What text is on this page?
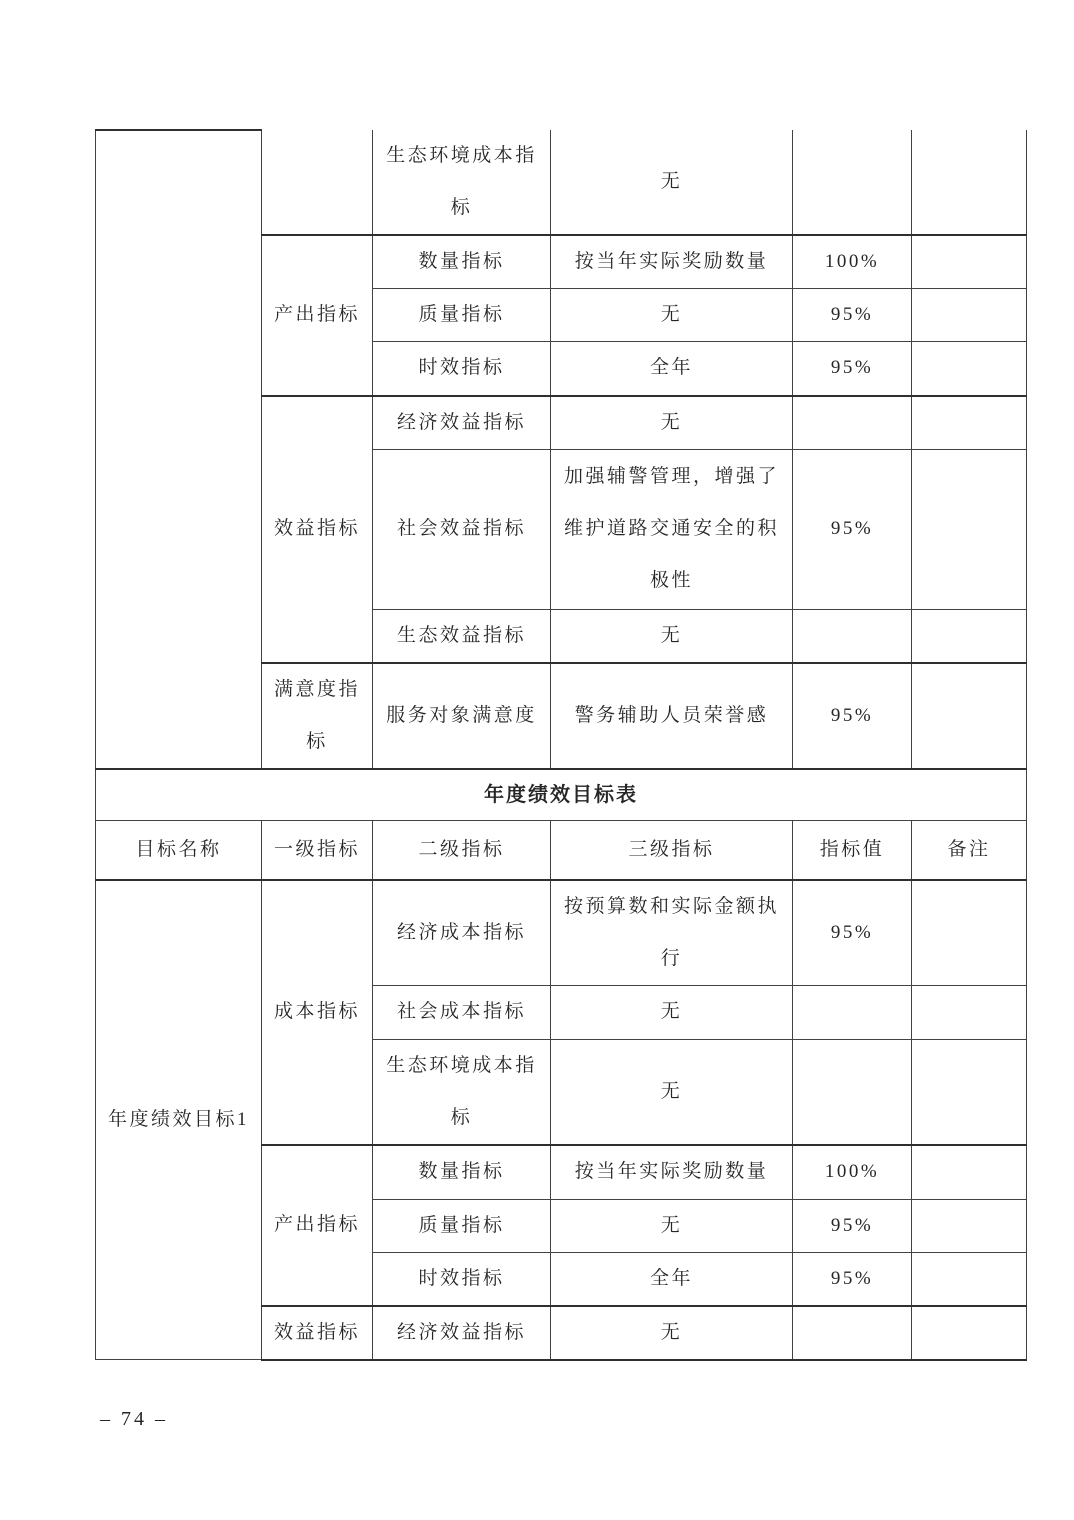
		生态环境成本指标	无		
	产出指标	数量指标	按当年实际奖励数量	100%	
		质量指标	无	95%	
		时效指标	全年	95%	
	效益指标	经济效益指标	无		
		社会效益指标	加强辅警管理，增强了维护道路交通安全的积极性	95%	
		生态效益指标	无		
	满意度指标	服务对象满意度	警务辅助人员荣誉感	95%	
年度绩效目标表					
目标名称	一级指标	二级指标	三级指标	指标值	备注
年度绩效目标1	成本指标	经济成本指标	按预算数和实际金额执行	95%	
		社会成本指标	无		
		生态环境成本指标	无		
	产出指标	数量指标	按当年实际奖励数量	100%	
		质量指标	无	95%	
		时效指标	全年	95%	
	效益指标	经济效益指标	无		
– 74 –
